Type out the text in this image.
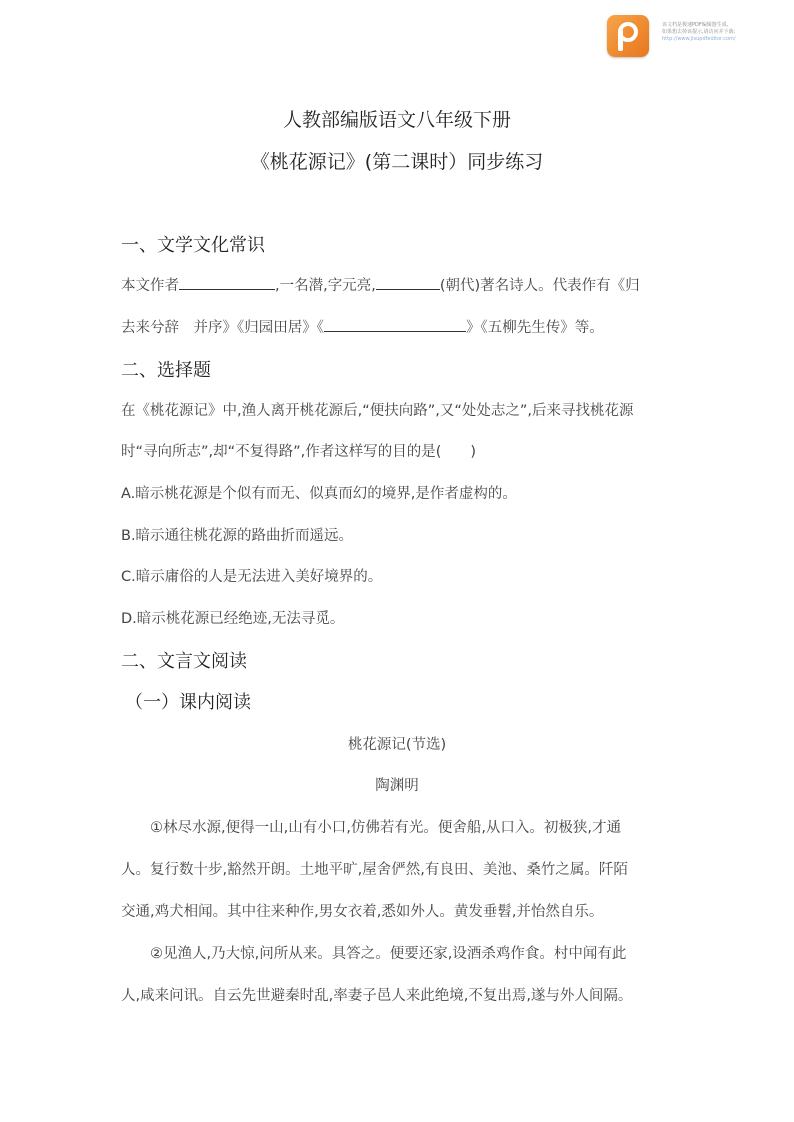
该文档是极速PDF编辑器生成,
如果想去掉该提示,请访问并下载:
http://www.jisupdfeditor.com/
人教部编版语文八年级下册
《桃花源记》(第二课时）同步练习
一、文学文化常识
本文作者	,一名潜,字元亮,	(朝代)著名诗人。代表作有《归
去来兮辞　并序》《归园田居》《	》《五柳先生传》等。
二、选择题
在《桃花源记》中,渔人离开桃花源后,“便扶向路”,又“处处志之”,后来寻找桃花源
时“寻向所志”,却“不复得路”,作者这样写的目的是(　　)
A.暗示桃花源是个似有而无、似真而幻的境界,是作者虚构的。
B.暗示通往桃花源的路曲折而遥远。
C.暗示庸俗的人是无法进入美好境界的。
D.暗示桃花源已经绝迹,无法寻觅。
二、文言文阅读
（一）课内阅读
桃花源记(节选)
陶渊明
①林尽水源,便得一山,山有小口,仿佛若有光。便舍船,从口入。初极狭,才通
人。复行数十步,豁然开朗。土地平旷,屋舍俨然,有良田、美池、桑竹之属。阡陌
交通,鸡犬相闻。其中往来种作,男女衣着,悉如外人。黄发垂髫,并怡然自乐。
②见渔人,乃大惊,问所从来。具答之。便要还家,设酒杀鸡作食。村中闻有此
人,咸来问讯。自云先世避秦时乱,率妻子邑人来此绝境,不复出焉,遂与外人间隔。
